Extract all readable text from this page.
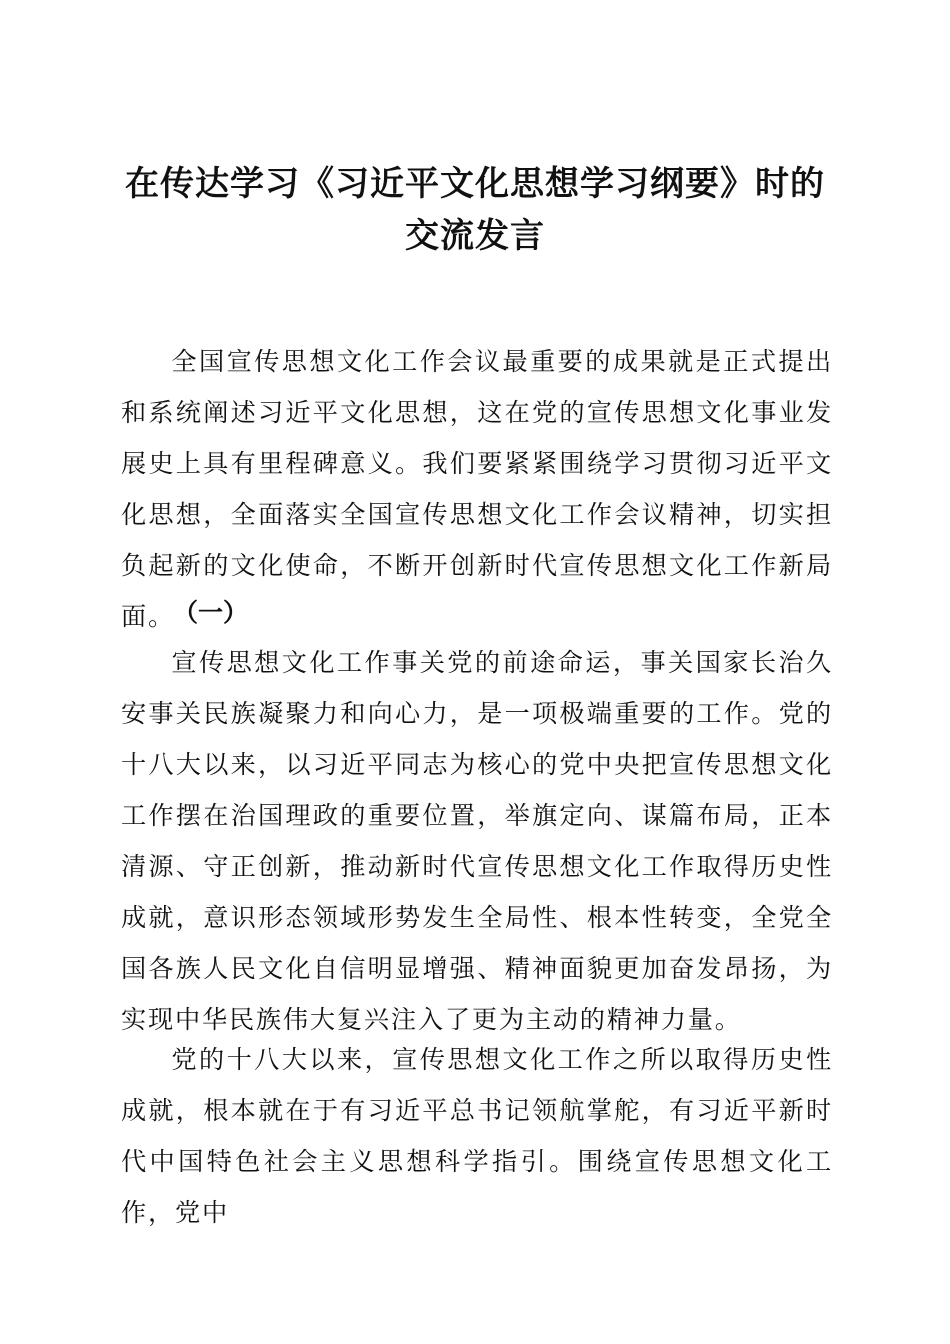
在传达学习《习近平文化思想学习纲要》时的
交流发言

全国宣传思想文化工作会议最重要的成果就是正式提出和系统阐述习近平文化思想，这在党的宣传思想文化事业发展史上具有里程碑意义。我们要紧紧围绕学习贯彻习近平文化思想，全面落实全国宣传思想文化工作会议精神，切实担负起新的文化使命，不断开创新时代宣传思想文化工作新局面。

（一）

宣传思想文化工作事关党的前途命运，事关国家长治久安事关民族凝聚力和向心力，是一项极端重要的工作。党的十八大以来，以习近平同志为核心的党中央把宣传思想文化工作摆在治国理政的重要位置，举旗定向、谋篇布局，正本清源、守正创新，推动新时代宣传思想文化工作取得历史性成就，意识形态领域形势发生全局性、根本性转变，全党全国各族人民文化自信明显增强、精神面貌更加奋发昂扬，为实现中华民族伟大复兴注入了更为主动的精神力量。

党的十八大以来，宣传思想文化工作之所以取得历史性成就，根本就在于有习近平总书记领航掌舵，有习近平新时代中国特色社会主义思想科学指引。围绕宣传思想文化工作，党中
